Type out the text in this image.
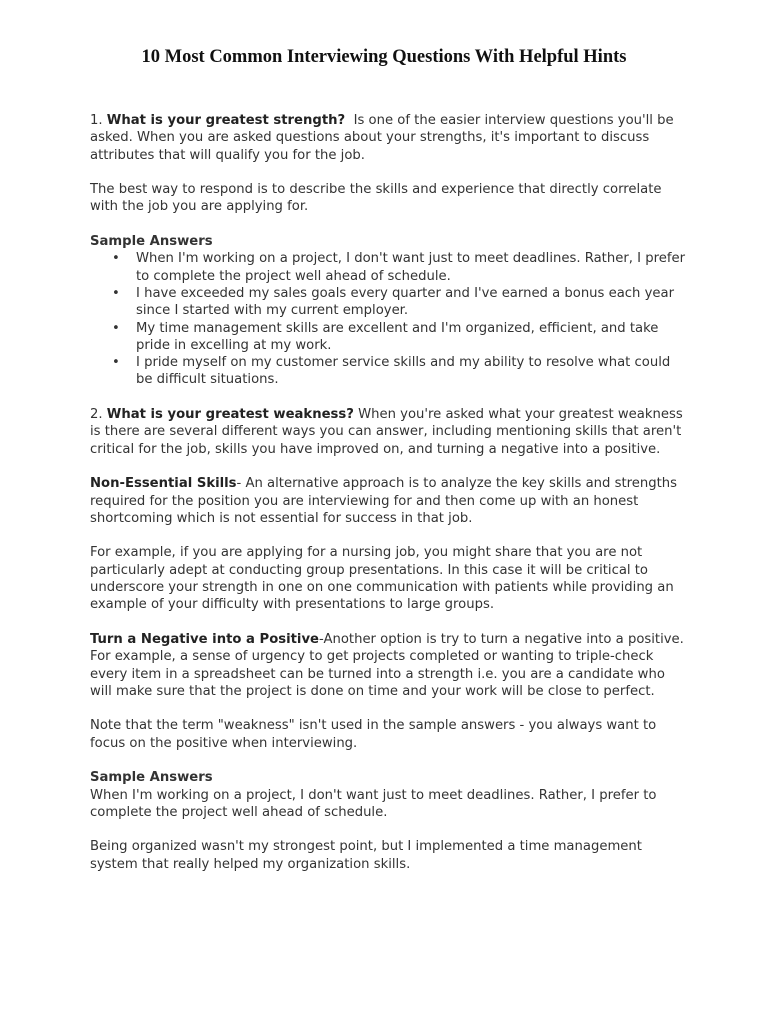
10 Most Common Interviewing Questions With Helpful Hints

1. What is your greatest strength? Is one of the easier interview questions you'll be asked. When you are asked questions about your strengths, it's important to discuss attributes that will qualify you for the job.

The best way to respond is to describe the skills and experience that directly correlate with the job you are applying for.

Sample Answers
• When I'm working on a project, I don't want just to meet deadlines. Rather, I prefer to complete the project well ahead of schedule.
• I have exceeded my sales goals every quarter and I've earned a bonus each year since I started with my current employer.
• My time management skills are excellent and I'm organized, efficient, and take pride in excelling at my work.
• I pride myself on my customer service skills and my ability to resolve what could be difficult situations.

2. What is your greatest weakness? When you're asked what your greatest weakness is there are several different ways you can answer, including mentioning skills that aren't critical for the job, skills you have improved on, and turning a negative into a positive.

Non-Essential Skills- An alternative approach is to analyze the key skills and strengths required for the position you are interviewing for and then come up with an honest shortcoming which is not essential for success in that job.

For example, if you are applying for a nursing job, you might share that you are not particularly adept at conducting group presentations. In this case it will be critical to underscore your strength in one on one communication with patients while providing an example of your difficulty with presentations to large groups.

Turn a Negative into a Positive-Another option is try to turn a negative into a positive. For example, a sense of urgency to get projects completed or wanting to triple-check every item in a spreadsheet can be turned into a strength i.e. you are a candidate who will make sure that the project is done on time and your work will be close to perfect.

Note that the term "weakness" isn't used in the sample answers - you always want to focus on the positive when interviewing.

Sample Answers

When I'm working on a project, I don't want just to meet deadlines. Rather, I prefer to complete the project well ahead of schedule.

Being organized wasn't my strongest point, but I implemented a time management system that really helped my organization skills.
